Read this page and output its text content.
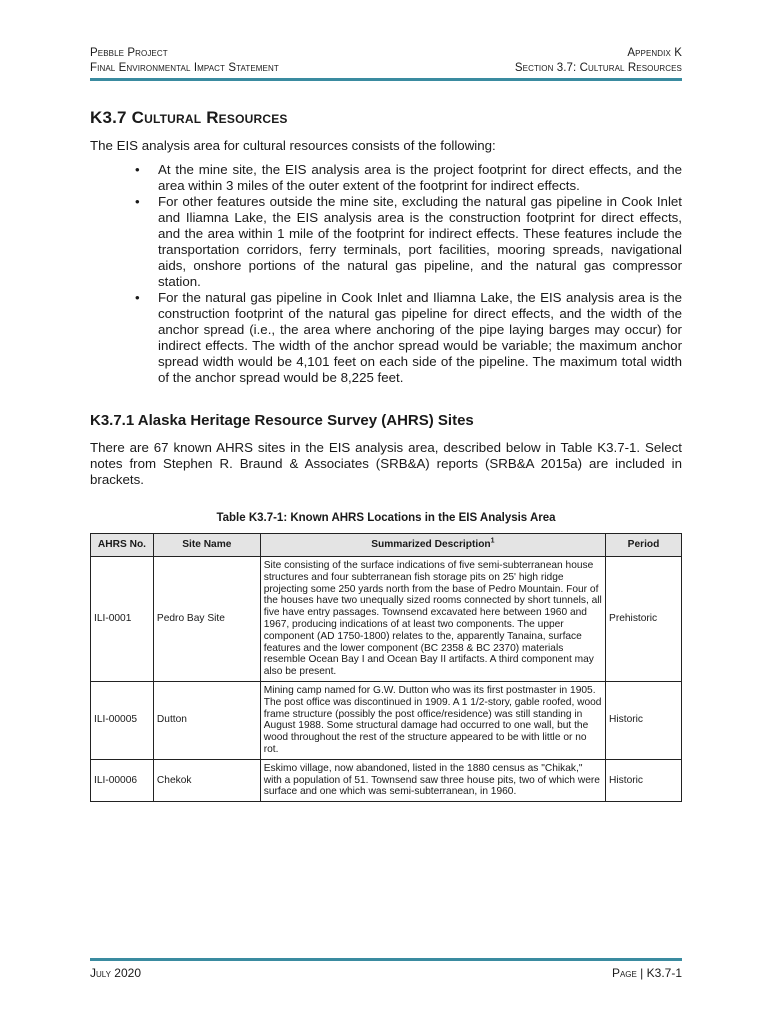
Pebble Project
Final Environmental Impact Statement
Appendix K
Section 3.7: Cultural Resources
K3.7 Cultural Resources

The EIS analysis area for cultural resources consists of the following:

• At the mine site, the EIS analysis area is the project footprint for direct effects, and the area within 3 miles of the outer extent of the footprint for indirect effects.
• For other features outside the mine site, excluding the natural gas pipeline in Cook Inlet and Iliamna Lake, the EIS analysis area is the construction footprint for direct effects, and the area within 1 mile of the footprint for indirect effects. These features include the transportation corridors, ferry terminals, port facilities, mooring spreads, navigational aids, onshore portions of the natural gas pipeline, and the natural gas compressor station.
• For the natural gas pipeline in Cook Inlet and Iliamna Lake, the EIS analysis area is the construction footprint of the natural gas pipeline for direct effects, and the width of the anchor spread (i.e., the area where anchoring of the pipe laying barges may occur) for indirect effects. The width of the anchor spread would be variable; the maximum anchor spread width would be 4,101 feet on each side of the pipeline. The maximum total width of the anchor spread would be 8,225 feet.
K3.7.1 Alaska Heritage Resource Survey (AHRS) Sites

There are 67 known AHRS sites in the EIS analysis area, described below in Table K3.7-1. Select notes from Stephen R. Braund & Associates (SRB&A) reports (SRB&A 2015a) are included in brackets.

Table K3.7-1: Known AHRS Locations in the EIS Analysis Area
AHRS No.	Site Name	Summarized Description$^1$	Period
ILI-0001	Pedro Bay Site	Site consisting of the surface indications of five semi-subterranean house structures and four subterranean fish storage pits on 25' high ridge projecting some 250 yards north from the base of Pedro Mountain. Four of the houses have two unequally sized rooms connected by short tunnels, all five have entry passages. Townsend excavated here between 1960 and 1967, producing indications of at least two components. The upper component (AD 1750-1800) relates to the, apparently Tanaina, surface features and the lower component (BC 2358 & BC 2370) materials resemble Ocean Bay I and Ocean Bay II artifacts. A third component may also be present.	Prehistoric
ILI-00005	Dutton	Mining camp named for G.W. Dutton who was its first postmaster in 1905. The post office was discontinued in 1909. A 1 1/2-story, gable roofed, wood frame structure (possibly the post office/residence) was still standing in August 1988. Some structural damage had occurred to one wall, but the wood throughout the rest of the structure appeared to be with little or no rot.	Historic
ILI-00006	Chekok	Eskimo village, now abandoned, listed in the 1880 census as "Chikak," with a population of 51. Townsend saw three house pits, two of which were surface and one which was semi-subterranean, in 1960.	Historic
July 2020	Page | K3.7-1
